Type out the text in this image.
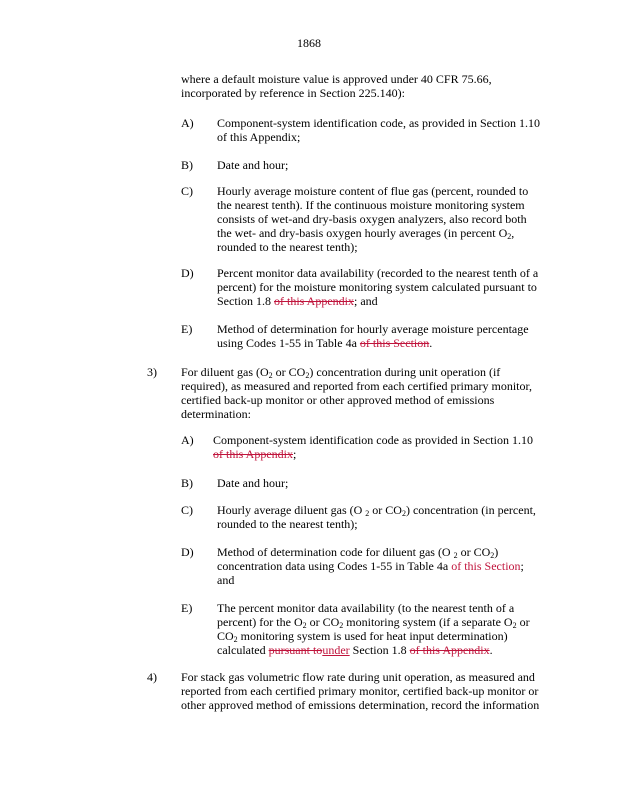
1868
where a default moisture value is approved under 40 CFR 75.66,
incorporated by reference in Section 225.140):
A) Component-system identification code, as provided in Section 1.10
of this Appendix;
B) Date and hour;
C) Hourly average moisture content of flue gas (percent, rounded to
the nearest tenth). If the continuous moisture monitoring system
consists of wet-and dry-basis oxygen analyzers, also record both
the wet- and dry-basis oxygen hourly averages (in percent $O_2$,
rounded to the nearest tenth);
D) Percent monitor data availability (recorded to the nearest tenth of a
percent) for the moisture monitoring system calculated pursuant to
Section 1.8 of this Appendix; and
E) Method of determination for hourly average moisture percentage
using Codes 1-55 in Table 4a of this Section.
3) For diluent gas ($O_2$ or $CO_2$) concentration during unit operation (if
required), as measured and reported from each certified primary monitor,
certified back-up monitor or other approved method of emissions
determination:
A) Component-system identification code as provided in Section 1.10
of this Appendix;
B) Date and hour;
C) Hourly average diluent gas (O $_2$ or $CO_2$) concentration (in percent,
rounded to the nearest tenth);
D) Method of determination code for diluent gas (O $_2$ or $CO_2$)
concentration data using Codes 1-55 in Table 4a of this Section;
and
E) The percent monitor data availability (to the nearest tenth of a
percent) for the $O_2$ or $CO_2$ monitoring system (if a separate $O_2$ or
$CO_2$ monitoring system is used for heat input determination)
calculated pursuant tounder Section 1.8 of this Appendix.
4) For stack gas volumetric flow rate during unit operation, as measured and
reported from each certified primary monitor, certified back-up monitor or
other approved method of emissions determination, record the information
